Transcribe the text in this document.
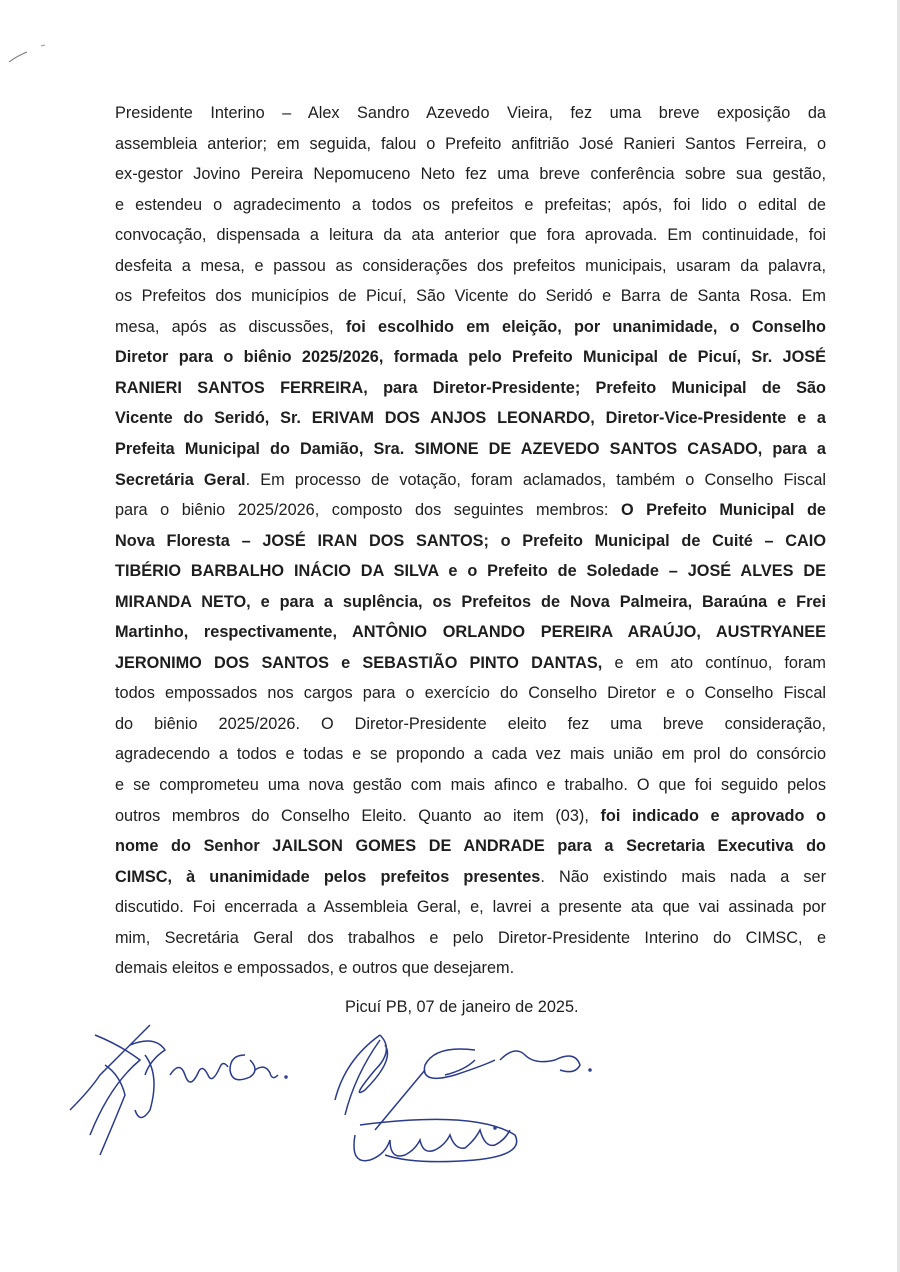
Presidente Interino – Alex Sandro Azevedo Vieira, fez uma breve exposição da
assembleia anterior; em seguida, falou o Prefeito anfitrião José Ranieri Santos Ferreira, o
ex-gestor Jovino Pereira Nepomuceno Neto fez uma breve conferência sobre sua gestão,
e estendeu o agradecimento a todos os prefeitos e prefeitas; após, foi lido o edital de
convocação, dispensada a leitura da ata anterior que fora aprovada. Em continuidade, foi
desfeita a mesa, e passou as considerações dos prefeitos municipais, usaram da palavra,
os Prefeitos dos municípios de Picuí, São Vicente do Seridó e Barra de Santa Rosa. Em
mesa, após as discussões, foi escolhido em eleição, por unanimidade, o Conselho
Diretor para o biênio 2025/2026, formada pelo Prefeito Municipal de Picuí, Sr. JOSÉ
RANIERI SANTOS FERREIRA, para Diretor-Presidente; Prefeito Municipal de São
Vicente do Seridó, Sr. ERIVAM DOS ANJOS LEONARDO, Diretor-Vice-Presidente e a
Prefeita Municipal do Damião, Sra. SIMONE DE AZEVEDO SANTOS CASADO, para a
Secretária Geral. Em processo de votação, foram aclamados, também o Conselho Fiscal
para o biênio 2025/2026, composto dos seguintes membros: O Prefeito Municipal de
Nova Floresta – JOSÉ IRAN DOS SANTOS; o Prefeito Municipal de Cuité – CAIO
TIBÉRIO BARBALHO INÁCIO DA SILVA e o Prefeito de Soledade – JOSÉ ALVES DE
MIRANDA NETO, e para a suplência, os Prefeitos de Nova Palmeira, Baraúna e Frei
Martinho, respectivamente, ANTÔNIO ORLANDO PEREIRA ARAÚJO, AUSTRYANEE
JERONIMO DOS SANTOS e SEBASTIÃO PINTO DANTAS, e em ato contínuo, foram
todos empossados nos cargos para o exercício do Conselho Diretor e o Conselho Fiscal
do biênio 2025/2026. O Diretor-Presidente eleito fez uma breve consideração,
agradecendo a todos e todas e se propondo a cada vez mais união em prol do consórcio
e se comprometeu uma nova gestão com mais afinco e trabalho. O que foi seguido pelos
outros membros do Conselho Eleito. Quanto ao item (03), foi indicado e aprovado o
nome do Senhor JAILSON GOMES DE ANDRADE para a Secretaria Executiva do
CIMSC, à unanimidade pelos prefeitos presentes. Não existindo mais nada a ser
discutido. Foi encerrada a Assembleia Geral, e, lavrei a presente ata que vai assinada por
mim, Secretária Geral dos trabalhos e pelo Diretor-Presidente Interino do CIMSC, e
demais eleitos e empossados, e outros que desejarem.
Picuí PB, 07 de janeiro de 2025.
